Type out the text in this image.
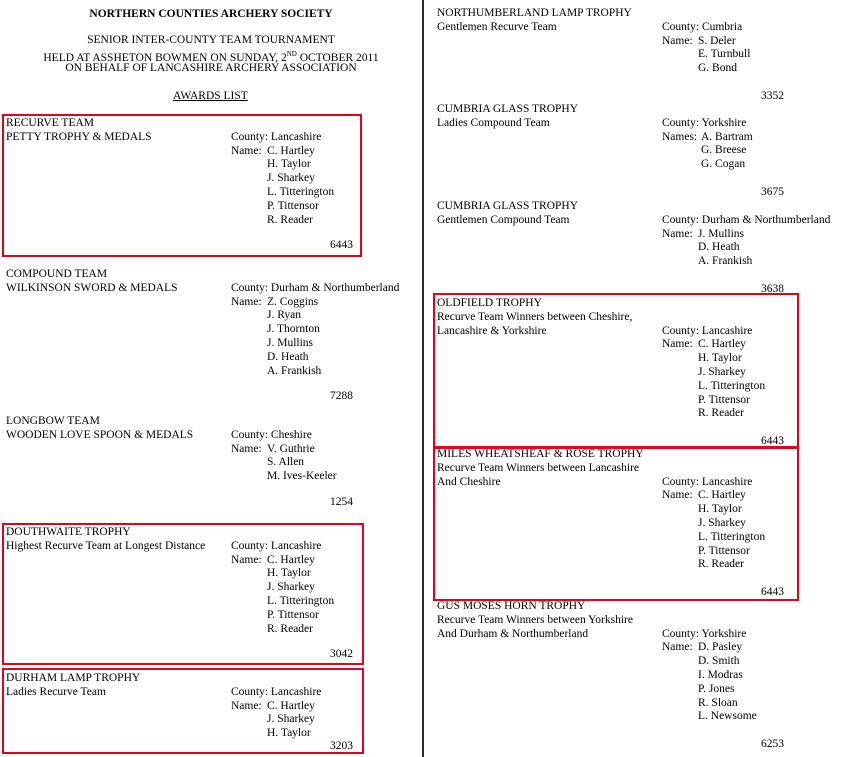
NORTHERN COUNTIES ARCHERY SOCIETY
SENIOR INTER-COUNTY TEAM TOURNAMENT
HELD AT ASSHETON BOWMEN ON SUNDAY, 2ND OCTOBER 2011
ON BEHALF OF LANCASHIRE ARCHERY ASSOCIATION
AWARDS LIST
RECURVE TEAM
PETTY TROPHY & MEDALS	County: Lancashire
Name: C. Hartley
H. Taylor
J. Sharkey
L. Titterington
P. Tittensor
R. Reader
6443
COMPOUND TEAM
WILKINSON SWORD & MEDALS	County: Durham & Northumberland
Name: Z. Coggins
J. Ryan
J. Thornton
J. Mullins
D. Heath
A. Frankish
7288
LONGBOW TEAM
WOODEN LOVE SPOON & MEDALS	County: Cheshire
Name: V. Guthrie
S. Allen
M. Ives-Keeler
1254
DOUTHWAITE TROPHY
Highest Recurve Team at Longest Distance County: Lancashire
Name: C. Hartley
H. Taylor
J. Sharkey
L. Titterington
P. Tittensor
R. Reader
3042
DURHAM LAMP TROPHY
Ladies Recurve Team	County: Lancashire
Name: C. Hartley
J. Sharkey
H. Taylor
3203
NORTHUMBERLAND LAMP TROPHY
Gentlemen Recurve Team	County: Cumbria
Name: S. Deler
E. Turnbull
G. Bond
3352
CUMBRIA GLASS TROPHY
Ladies Compound Team	County: Yorkshire
Names: A. Bartram
G. Breese
G. Cogan
3675
CUMBRIA GLASS TROPHY
Gentlemen Compound Team	County: Durham & Northumberland
Name: J. Mullins
D. Heath
A. Frankish
3638
OLDFIELD TROPHY
Recurve Team Winners between Cheshire,
Lancashire & Yorkshire	County: Lancashire
Name: C. Hartley
H. Taylor
J. Sharkey
L. Titterington
P. Tittensor
R. Reader
6443
MILES WHEATSHEAF & ROSE TROPHY
Recurve Team Winners between Lancashire
And Cheshire	County: Lancashire
Name: C. Hartley
H. Taylor
J. Sharkey
L. Titterington
P. Tittensor
R. Reader
6443
GUS MOSES HORN TROPHY
Recurve Team Winners between Yorkshire
And Durham & Northumberland	County: Yorkshire
Name: D. Pasley
D. Smith
I. Modras
P. Jones
R. Sloan
L. Newsome
6253
